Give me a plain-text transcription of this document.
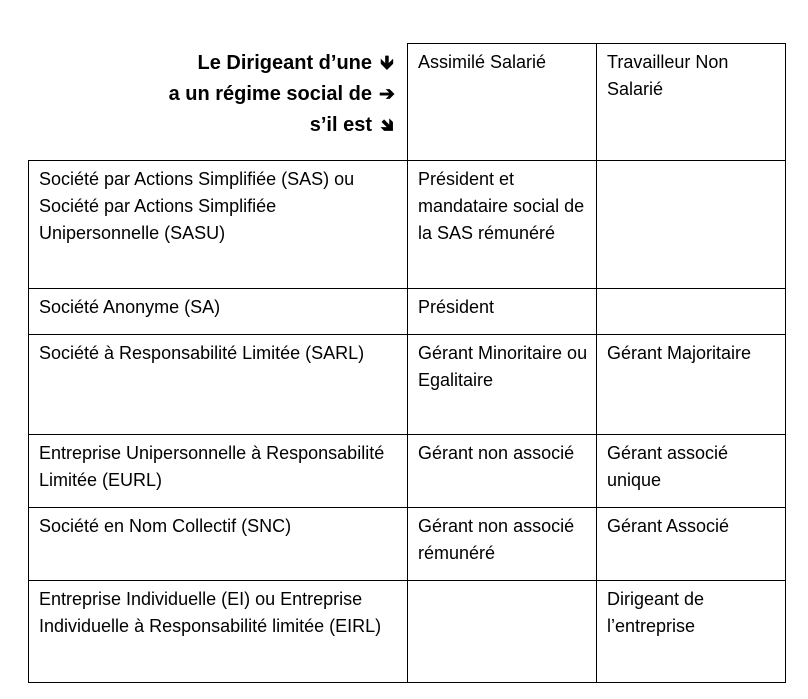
Le Dirigeant d’une 🡻
a un régime social de ➔
s’il est 🡾
	Assimilé Salarié	Travailleur Non Salarié
Société par Actions Simplifiée (SAS) ou Société par Actions Simplifiée Unipersonnelle (SASU)	Président et mandataire social de la SAS rémunéré	
Société Anonyme (SA)	Président	
Société à Responsabilité Limitée (SARL)	Gérant Minoritaire ou Egalitaire	Gérant Majoritaire
Entreprise Unipersonnelle à Responsabilité Limitée (EURL)	Gérant non associé	Gérant associé unique
Société en Nom Collectif (SNC)	Gérant non associé rémunéré	Gérant Associé
Entreprise Individuelle (EI) ou Entreprise Individuelle à Responsabilité limitée (EIRL)		Dirigeant de l’entreprise
